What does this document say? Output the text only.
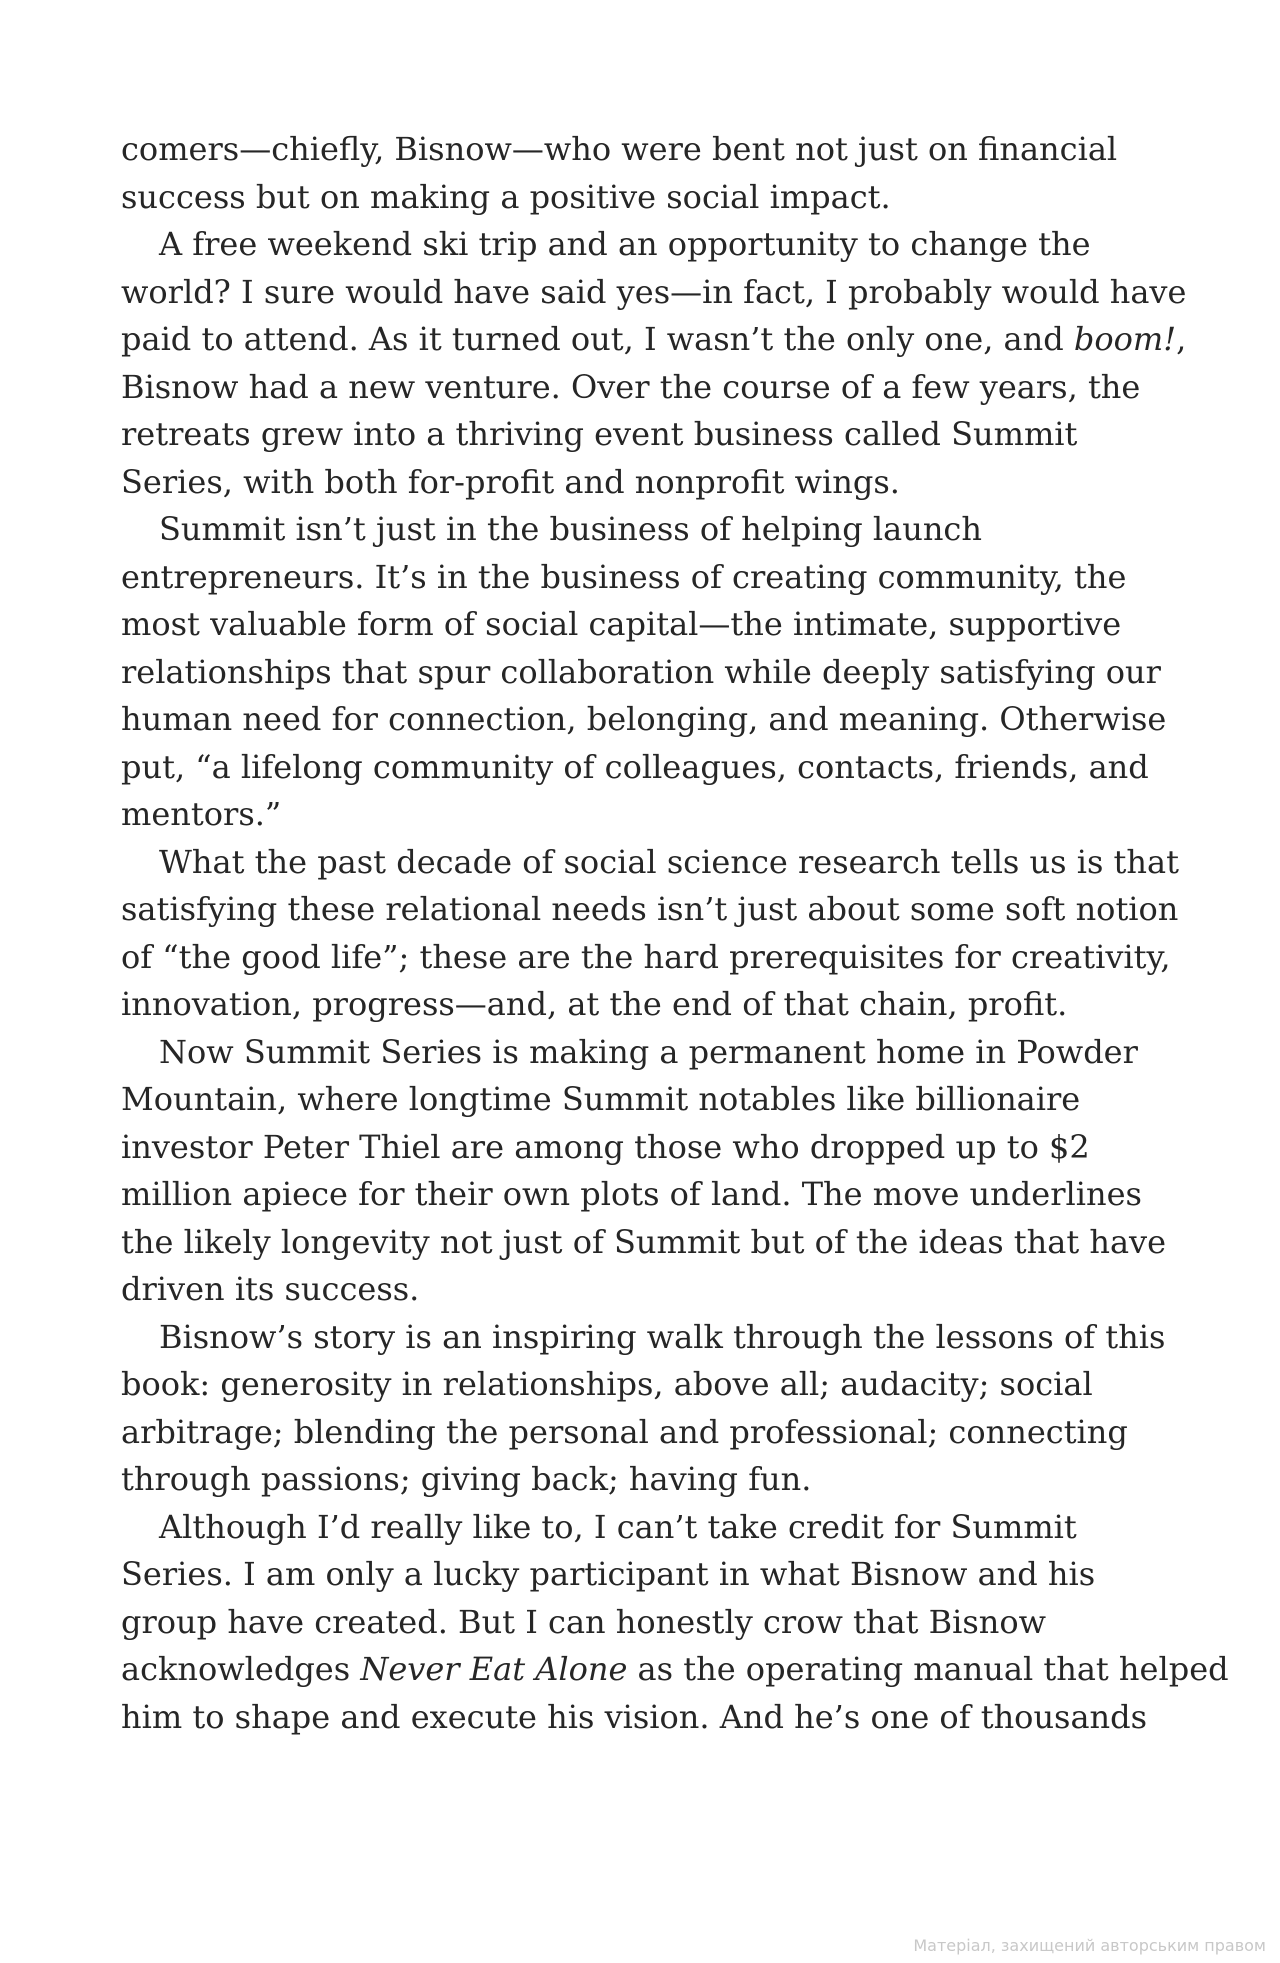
comers—chiefly, Bisnow—who were bent not just on financial
success but on making a positive social impact.
A free weekend ski trip and an opportunity to change the
world? I sure would have said yes—in fact, I probably would have
paid to attend. As it turned out, I wasn’t the only one, and boom!,
Bisnow had a new venture. Over the course of a few years, the
retreats grew into a thriving event business called Summit
Series, with both for-profit and nonprofit wings.
Summit isn’t just in the business of helping launch
entrepreneurs. It’s in the business of creating community, the
most valuable form of social capital—the intimate, supportive
relationships that spur collaboration while deeply satisfying our
human need for connection, belonging, and meaning. Otherwise
put, “a lifelong community of colleagues, contacts, friends, and
mentors.”
What the past decade of social science research tells us is that
satisfying these relational needs isn’t just about some soft notion
of “the good life”; these are the hard prerequisites for creativity,
innovation, progress—and, at the end of that chain, profit.
Now Summit Series is making a permanent home in Powder
Mountain, where longtime Summit notables like billionaire
investor Peter Thiel are among those who dropped up to $2
million apiece for their own plots of land. The move underlines
the likely longevity not just of Summit but of the ideas that have
driven its success.
Bisnow’s story is an inspiring walk through the lessons of this
book: generosity in relationships, above all; audacity; social
arbitrage; blending the personal and professional; connecting
through passions; giving back; having fun.
Although I’d really like to, I can’t take credit for Summit
Series. I am only a lucky participant in what Bisnow and his
group have created. But I can honestly crow that Bisnow
acknowledges Never Eat Alone as the operating manual that helped
him to shape and execute his vision. And he’s one of thousands
Матеріал, захищений авторським правом
